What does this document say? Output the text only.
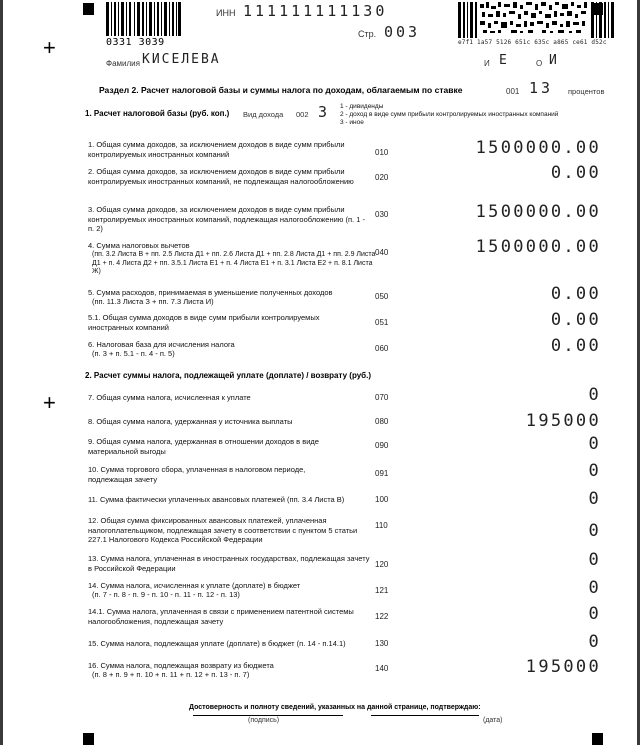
0331 3039
ИНН 111111111130
Стр. 003
e7f1 1a57 5126 651c 635c a865 ce61 d52c
+
+
Фамилия КИСЕЛЕВА	И Е	О И
Раздел 2. Расчет налоговой базы и суммы налога по доходам, облагаемым по ставке	001 13 процентов
1. Расчет налоговой базы (руб. коп.) Вид дохода 002 3 1 - дивиденды
2 - доход в виде сумм прибыли контролируемых иностранных компаний
3 - иное
1. Общая сумма доходов, за исключением доходов в виде сумм прибыли контролируемых иностранных компаний	010	1500000.00
2. Общая сумма доходов, за исключением доходов в виде сумм прибыли контролируемых иностранных компаний, не подлежащая налогообложению	020	0.00
3. Общая сумма доходов, за исключением доходов в виде сумм прибыли контролируемых иностранных компаний, подлежащая налогообложению (п. 1 - п. 2)
030	1500000.00
4. Сумма налоговых вычетов
(пп. 3.2 Листа В + пп. 2.5 Листа Д1 + пп. 2.6 Листа Д1 + пп. 2.8 Листа Д1 + пп. 2.9 Листа Д1 + п. 4 Листа Д2 + пп. 3.5.1 Листа Е1 + п. 4 Листа Е1 + п. 3.1 Листа Е2 + п. 8.1 Листа Ж)
040	1500000.00
5. Сумма расходов, принимаемая в уменьшение полученных доходов
(пп. 11.3 Листа З + пп. 7.3 Листа И)
050	0.00
5.1. Общая сумма доходов в виде сумм прибыли контролируемых иностранных компаний	051	0.00
6. Налоговая база для исчисления налога
(п. 3 + п. 5.1 - п. 4 - п. 5)
060	0.00
2. Расчет суммы налога, подлежащей уплате (доплате) / возврату (руб.)
7. Общая сумма налога, исчисленная к уплате	070	0
8. Общая сумма налога, удержанная у источника выплаты	080	195000
9. Общая сумма налога, удержанная в отношении доходов в виде материальной выгоды
090	0
10. Сумма торгового сбора, уплаченная в налоговом периоде, подлежащая зачету
091	0
11. Сумма фактически уплаченных авансовых платежей (пп. 3.4 Листа В)	100	0
12. Общая сумма фиксированных авансовых платежей, уплаченная налогоплательщиком, подлежащая зачету в соответствии с пунктом 5 статьи 227.1 Налогового Кодекса Российской Федерации
110	0
13. Сумма налога, уплаченная в иностранных государствах, подлежащая зачету в Российской Федерации	120	0
14. Сумма налога, исчисленная к уплате (доплате) в бюджет
(п. 7 - п. 8 - п. 9 - п. 10 - п. 11 - п. 12 - п. 13)	121	0
14.1. Сумма налога, уплаченная в связи с применением патентной системы налогообложения, подлежащая зачету	122	0
15. Сумма налога, подлежащая уплате (доплате) в бюджет (п. 14 - п.14.1)	130	0
16. Сумма налога, подлежащая возврату из бюджета
(п. 8 + п. 9 + п. 10 + п. 11 + п. 12 + п. 13 - п. 7)
140	195000
Достоверность и полноту сведений, указанных на данной странице, подтверждаю:
(подпись)	(дата)
